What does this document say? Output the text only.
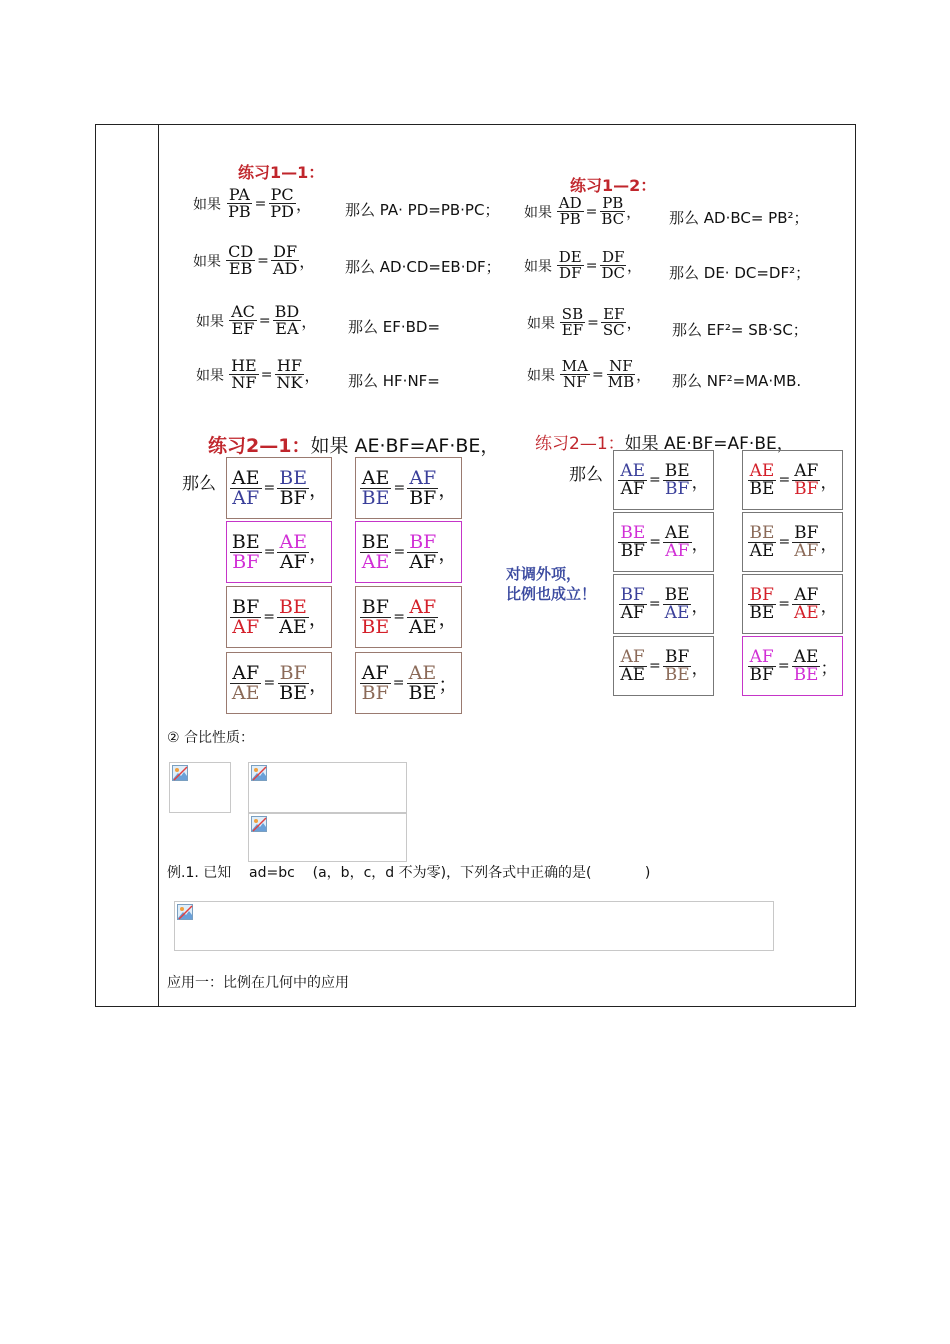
练习1—1：
练习1—2：
如果
$\frac{PA}{PB} = \frac{PC}{PD}$ ， 那么 PA· PD=PB·PC；
如果
$\frac{CD}{EB} = \frac{DF}{AD}$ ， 那么 AD·CD=EB·DF；
如果
$\frac{AC}{EF} = \frac{BD}{EA}$ ， 那么 EF·BD=
如果
$\frac{HE}{NF} = \frac{HF}{NK}$ ， 那么 HF·NF=
如果
$\frac{AD}{PB} = \frac{PB}{BC}$ ， 那么 AD·BC= PB²；
如果
$\frac{DE}{DF} = \frac{DF}{DC}$ ， 那么 DE· DC=DF²；
如果
$\frac{SB}{EF} = \frac{EF}{SC}$ ， 那么 EF²= SB·SC；
如果
$\frac{MA}{NF} = \frac{NF}{MB}$ ， 那么 NF²=MA·MB.
练习2—1：如果 AE·BF=AF·BE，
那么
练习2—1：如果 AE·BF=AF·BE，
那么
对调外项，
比例也成立！
$\frac{AE}{AF} = \frac{BE}{BF}$ ， $\frac{AE}{BE} = \frac{AF}{BF}$ ，
$\frac{BE}{BF} = \frac{AE}{AF}$ ， $\frac{BE}{AE} = \frac{BF}{AF}$ ，
$\frac{BF}{AF} = \frac{BE}{AE}$ ， $\frac{BF}{BE} = \frac{AF}{AE}$ ，
$\frac{AF}{AE} = \frac{BF}{BE}$ ， $\frac{AF}{BF} = \frac{AE}{BE}$ ；
$\frac{AE}{AF} = \frac{BE}{BF}$ ， $\frac{AE}{BE} = \frac{AF}{BF}$ ，
$\frac{BE}{BF} = \frac{AE}{AF}$ ， $\frac{BE}{AE} = \frac{BF}{AF}$ ，
$\frac{BF}{AF} = \frac{BE}{AE}$ ， $\frac{BF}{BE} = \frac{AF}{AE}$ ，
$\frac{AF}{AE} = \frac{BF}{BE}$ ， $\frac{AF}{BF} = \frac{AE}{BE}$ ；
② 合比性质：
例.1. 已知    ad=bc    (a，b，c，d 不为零)，下列各式中正确的是(            )
应用一：比例在几何中的应用
